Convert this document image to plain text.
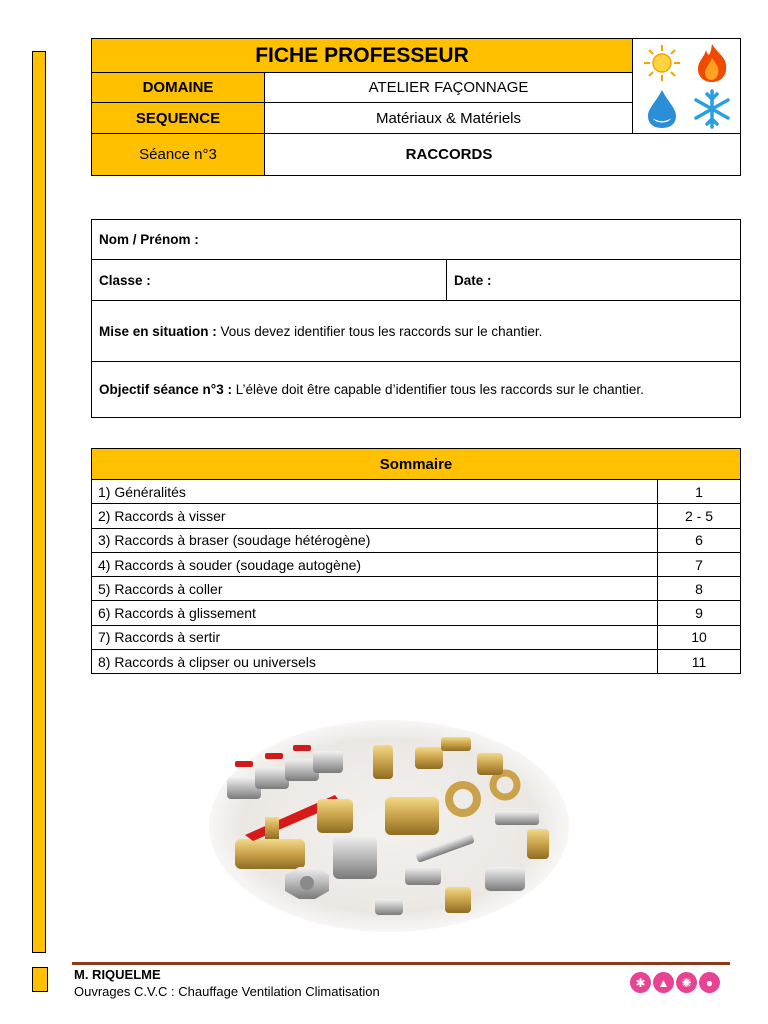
FICHE PROFESSEUR	

DOMAINE	ATELIER FAÇONNAGE	
SEQUENCE	Matériaux & Matériels	
Séance n°3	RACCORDS	
Nom / Prénom :
Classe :	Date :
Mise en situation : Vous devez identifier tous les raccords sur le chantier.
Objectif séance n°3 : L’élève doit être capable d’identifier tous les raccords sur le chantier.
Sommaire	
1) Généralités	1
2) Raccords à visser	2 - 5
3) Raccords à braser (soudage hétérogène)	6
4) Raccords à souder (soudage autogène)	7
5) Raccords à coller	8
6) Raccords à glissement	9
7) Raccords à sertir	10
8) Raccords à clipser ou universels	11
M. RIQUELME
Ouvrages C.V.C : Chauffage Ventilation Climatisation
✱	▲	✺	●
